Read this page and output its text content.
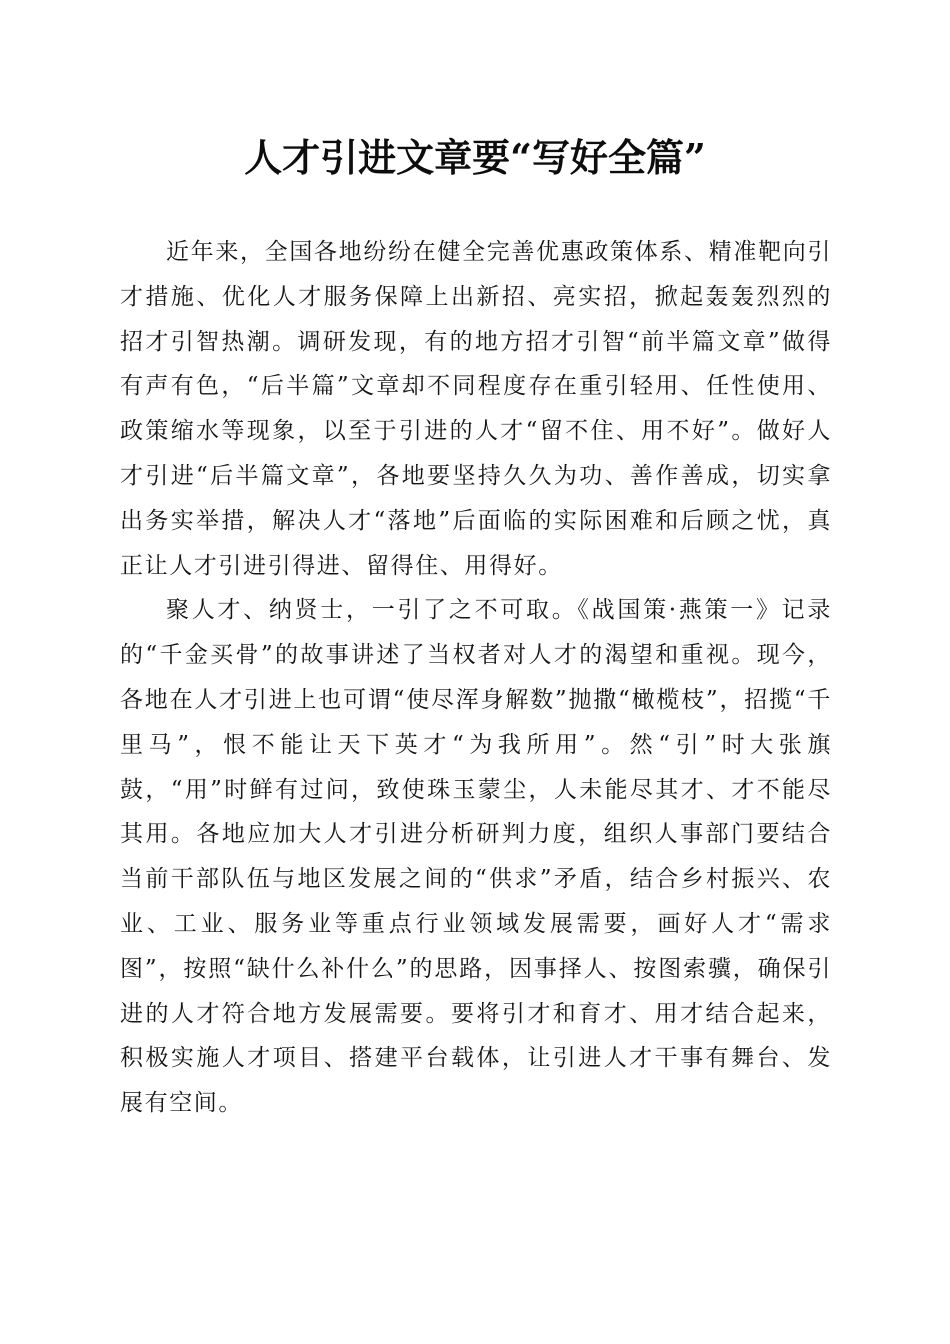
人才引进文章要“写好全篇”

近年来，全国各地纷纷在健全完善优惠政策体系、精准靶向引才措施、优化人才服务保障上出新招、亮实招，掀起轰轰烈烈的招才引智热潮。调研发现，有的地方招才引智“前半篇文章”做得有声有色，“后半篇”文章却不同程度存在重引轻用、任性使用、政策缩水等现象，以至于引进的人才“留不住、用不好”。做好人才引进“后半篇文章”，各地要坚持久久为功、善作善成，切实拿出务实举措，解决人才“落地”后面临的实际困难和后顾之忧，真正让人才引进引得进、留得住、用得好。

聚人才、纳贤士，一引了之不可取。《战国策·燕策一》记录的“千金买骨”的故事讲述了当权者对人才的渴望和重视。现今，各地在人才引进上也可谓“使尽浑身解数”抛撒“橄榄枝”，招揽“千里马”，恨不能让天下英才“为我所用”。然“引”时大张旗鼓，“用”时鲜有过问，致使珠玉蒙尘，人未能尽其才、才不能尽其用。各地应加大人才引进分析研判力度，组织人事部门要结合当前干部队伍与地区发展之间的“供求”矛盾，结合乡村振兴、农业、工业、服务业等重点行业领域发展需要，画好人才“需求图”，按照“缺什么补什么”的思路，因事择人、按图索骥，确保引进的人才符合地方发展需要。要将引才和育才、用才结合起来，积极实施人才项目、搭建平台载体，让引进人才干事有舞台、发展有空间。
